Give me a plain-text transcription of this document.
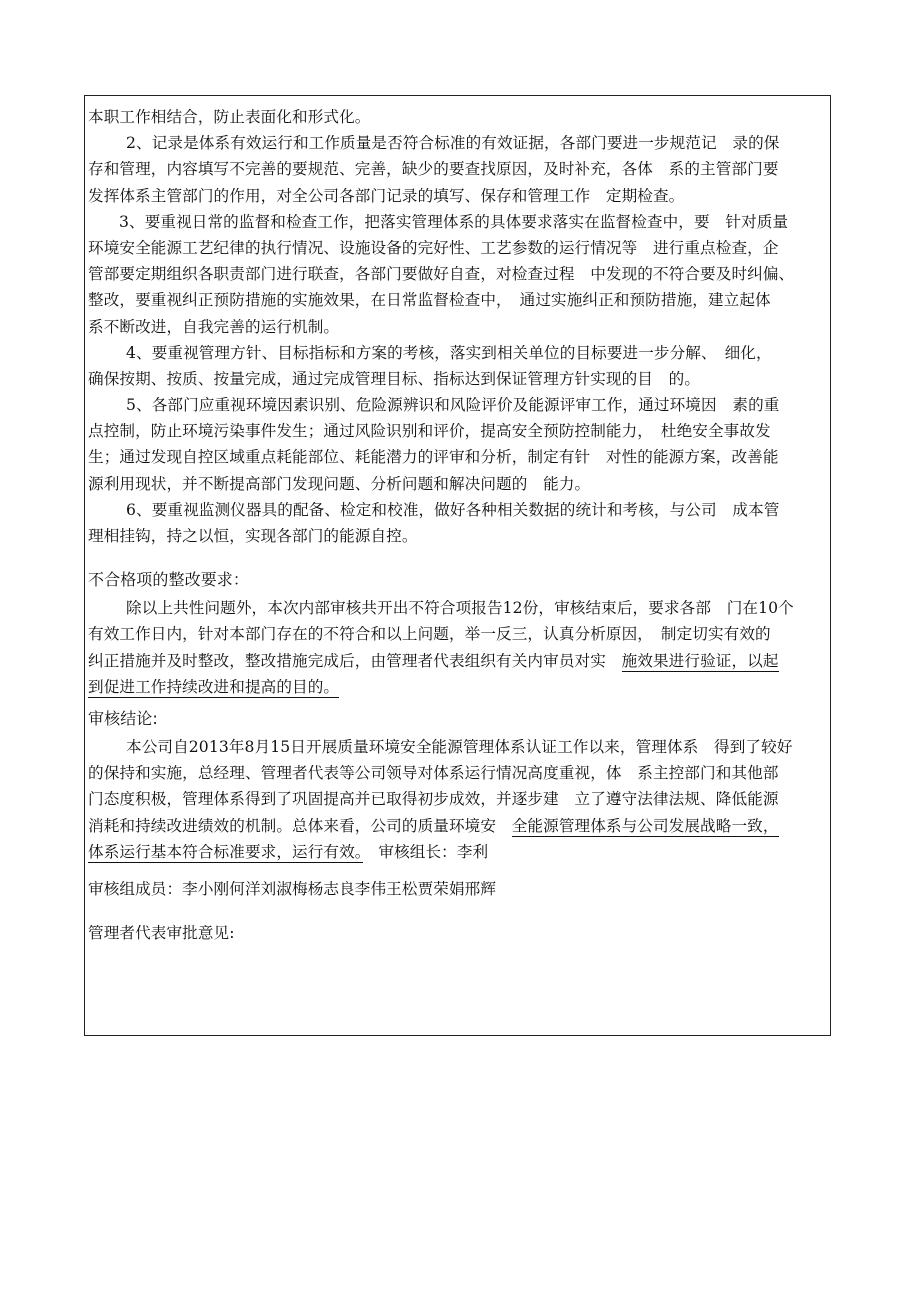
本职工作相结合，防止表面化和形式化。
2、记录是体系有效运行和工作质量是否符合标准的有效证据，各部门要进一步规范记　录的保
存和管理，内容填写不完善的要规范、完善，缺少的要查找原因，及时补充，各体　系的主管部门要
发挥体系主管部门的作用，对全公司各部门记录的填写、保存和管理工作　定期检查。
3、要重视日常的监督和检查工作，把落实管理体系的具体要求落实在监督检查中，要　针对质量
环境安全能源工艺纪律的执行情况、设施设备的完好性、工艺参数的运行情况等　进行重点检查，企
管部要定期组织各职责部门进行联查，各部门要做好自查，对检查过程　中发现的不符合要及时纠偏、
整改，要重视纠正预防措施的实施效果，在日常监督检查中，　通过实施纠正和预防措施，建立起体
系不断改进，自我完善的运行机制。
4、要重视管理方针、目标指标和方案的考核，落实到相关单位的目标要进一步分解、　细化，
确保按期、按质、按量完成，通过完成管理目标、指标达到保证管理方针实现的目　的。
5、各部门应重视环境因素识别、危险源辨识和风险评价及能源评审工作，通过环境因　素的重
点控制，防止环境污染事件发生；通过风险识别和评价，提高安全预防控制能力，　杜绝安全事故发
生；通过发现自控区域重点耗能部位、耗能潜力的评审和分析，制定有针　对性的能源方案，改善能
源利用现状，并不断提高部门发现问题、分析问题和解决问题的　能力。
6、要重视监测仪器具的配备、检定和校准，做好各种相关数据的统计和考核，与公司　成本管
理相挂钩，持之以恒，实现各部门的能源自控。
不合格项的整改要求：
除以上共性问题外，本次内部审核共开出不符合项报告12份，审核结束后，要求各部　门在10个
有效工作日内，针对本部门存在的不符合和以上问题，举一反三，认真分析原因，　制定切实有效的
纠正措施并及时整改，整改措施完成后，由管理者代表组织有关内审员对实　施效果进行验证，以起
到促进工作持续改进和提高的目的。
审核结论:
本公司自2013年8月15日开展质量环境安全能源管理体系认证工作以来，管理体系　得到了较好
的保持和实施，总经理、管理者代表等公司领导对体系运行情况高度重视，体　系主控部门和其他部
门态度积极，管理体系得到了巩固提高并已取得初步成效，并逐步建　立了遵守法律法规、降低能源
消耗和持续改进绩效的机制。总体来看，公司的质量环境安　全能源管理体系与公司发展战略一致，
体系运行基本符合标准要求，运行有效。　审核组长：李利
审核组成员：李小刚何洋刘淑梅杨志良李伟王松贾荣娟邢辉
管理者代表审批意见:
